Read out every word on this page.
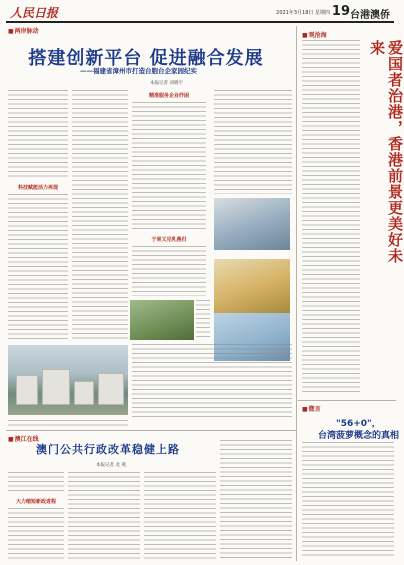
人民日报	2021年3月18日 星期四 19 台港澳侨
■ 两岸脉动
搭建创新平台 促进融合发展
——福建省漳州市打造台胞台企家园纪实
本报记者 刘晓宇
科技赋能活力再现
精准服务企业纾困
于果又见乳燕归
■ 观沧海
爱国者治港，香港前景更美好未来
■ 微言
"56+0"，
台湾菠萝概念的真相
■ 澳江在线
澳门公共行政改革稳健上路
本报记者 龙 燕
大力缩短新政进程
